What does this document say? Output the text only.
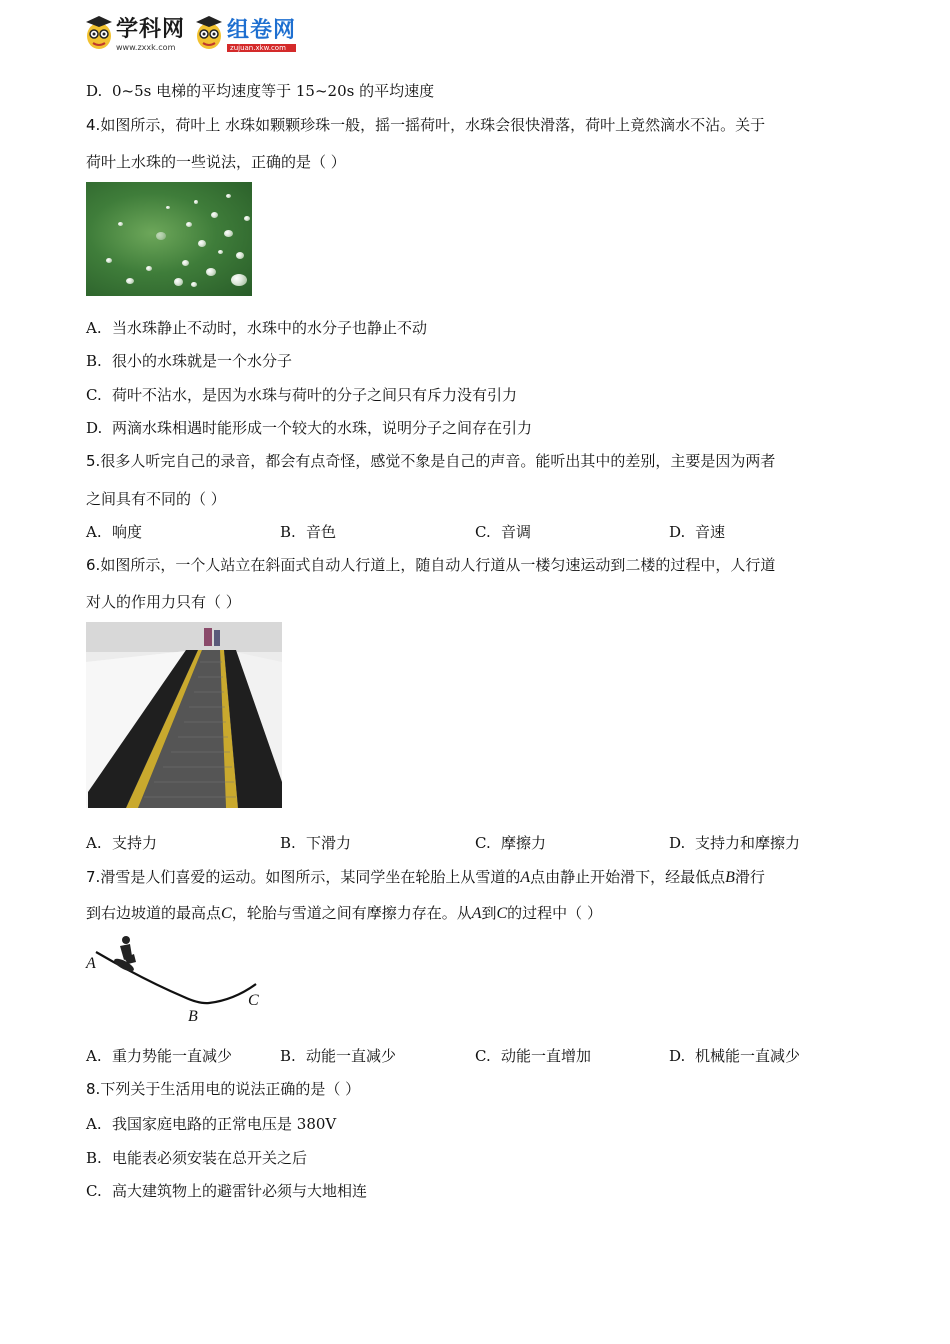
学科网
www.zxxk.com
组卷网
zujuan.xkw.com
D. 0~5s 电梯的平均速度等于 15~20s 的平均速度
4.如图所示，荷叶上 水珠如颗颗珍珠一般，摇一摇荷叶，水珠会很快滑落，荷叶上竟然滴水不沾。关于
荷叶上水珠的一些说法，正确的是（ ）
A. 当水珠静止不动时，水珠中的水分子也静止不动
B. 很小的水珠就是一个水分子
C. 荷叶不沾水，是因为水珠与荷叶的分子之间只有斥力没有引力
D. 两滴水珠相遇时能形成一个较大的水珠，说明分子之间存在引力
5.很多人听完自己的录音，都会有点奇怪，感觉不象是自己的声音。能听出其中的差别，主要是因为两者
之间具有不同的（ ）
A. 响度	B. 音色	C. 音调	D. 音速
6.如图所示，一个人站立在斜面式自动人行道上，随自动人行道从一楼匀速运动到二楼的过程中，人行道
对人的作用力只有（ ）
A. 支持力	B. 下滑力	C. 摩擦力	D. 支持力和摩擦力
7.滑雪是人们喜爱的运动。如图所示，某同学坐在轮胎上从雪道的A点由静止开始滑下，经最低点B滑行
到右边坡道的最高点C，轮胎与雪道之间有摩擦力存在。从A到C的过程中（ ）
A
B
C
A. 重力势能一直减少	B. 动能一直减少	C. 动能一直增加	D. 机械能一直减少
8.下列关于生活用电的说法正确的是（ ）
A. 我国家庭电路的正常电压是 380V
B. 电能表必须安装在总开关之后
C. 高大建筑物上的避雷针必须与大地相连
